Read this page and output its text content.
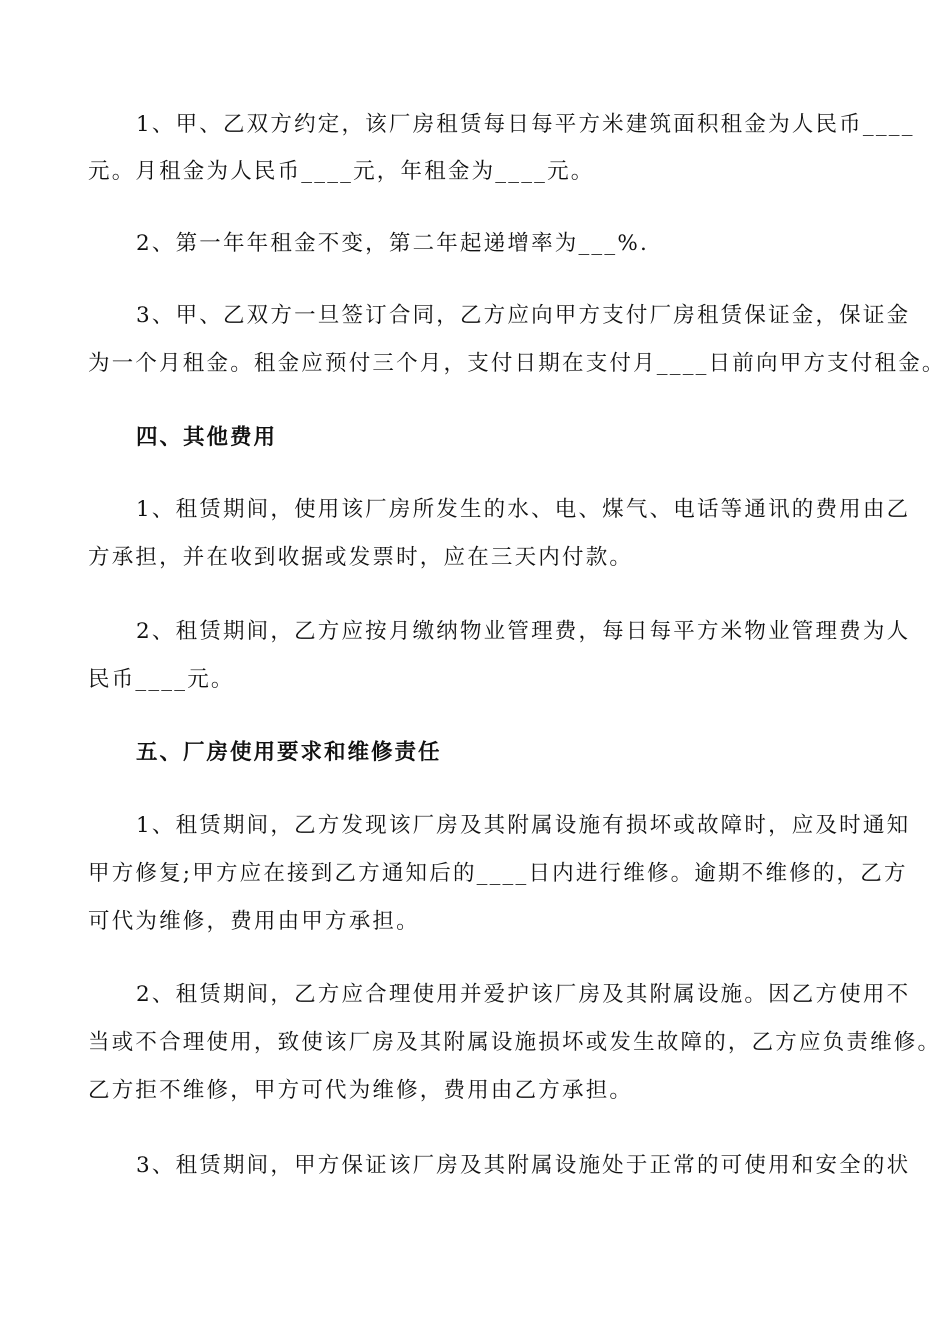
1、甲、乙双方约定，该厂房租赁每日每平方米建筑面积租金为人民币____
元。月租金为人民币____元，年租金为____元。
2、第一年年租金不变，第二年起递增率为___%.
3、甲、乙双方一旦签订合同，乙方应向甲方支付厂房租赁保证金，保证金
为一个月租金。租金应预付三个月，支付日期在支付月____日前向甲方支付租金。
四、其他费用
1、租赁期间，使用该厂房所发生的水、电、煤气、电话等通讯的费用由乙
方承担，并在收到收据或发票时，应在三天内付款。
2、租赁期间，乙方应按月缴纳物业管理费，每日每平方米物业管理费为人
民币____元。
五、厂房使用要求和维修责任
1、租赁期间，乙方发现该厂房及其附属设施有损坏或故障时，应及时通知
甲方修复;甲方应在接到乙方通知后的____日内进行维修。逾期不维修的，乙方
可代为维修，费用由甲方承担。
2、租赁期间，乙方应合理使用并爱护该厂房及其附属设施。因乙方使用不
当或不合理使用，致使该厂房及其附属设施损坏或发生故障的，乙方应负责维修。
乙方拒不维修，甲方可代为维修，费用由乙方承担。
3、租赁期间，甲方保证该厂房及其附属设施处于正常的可使用和安全的状
